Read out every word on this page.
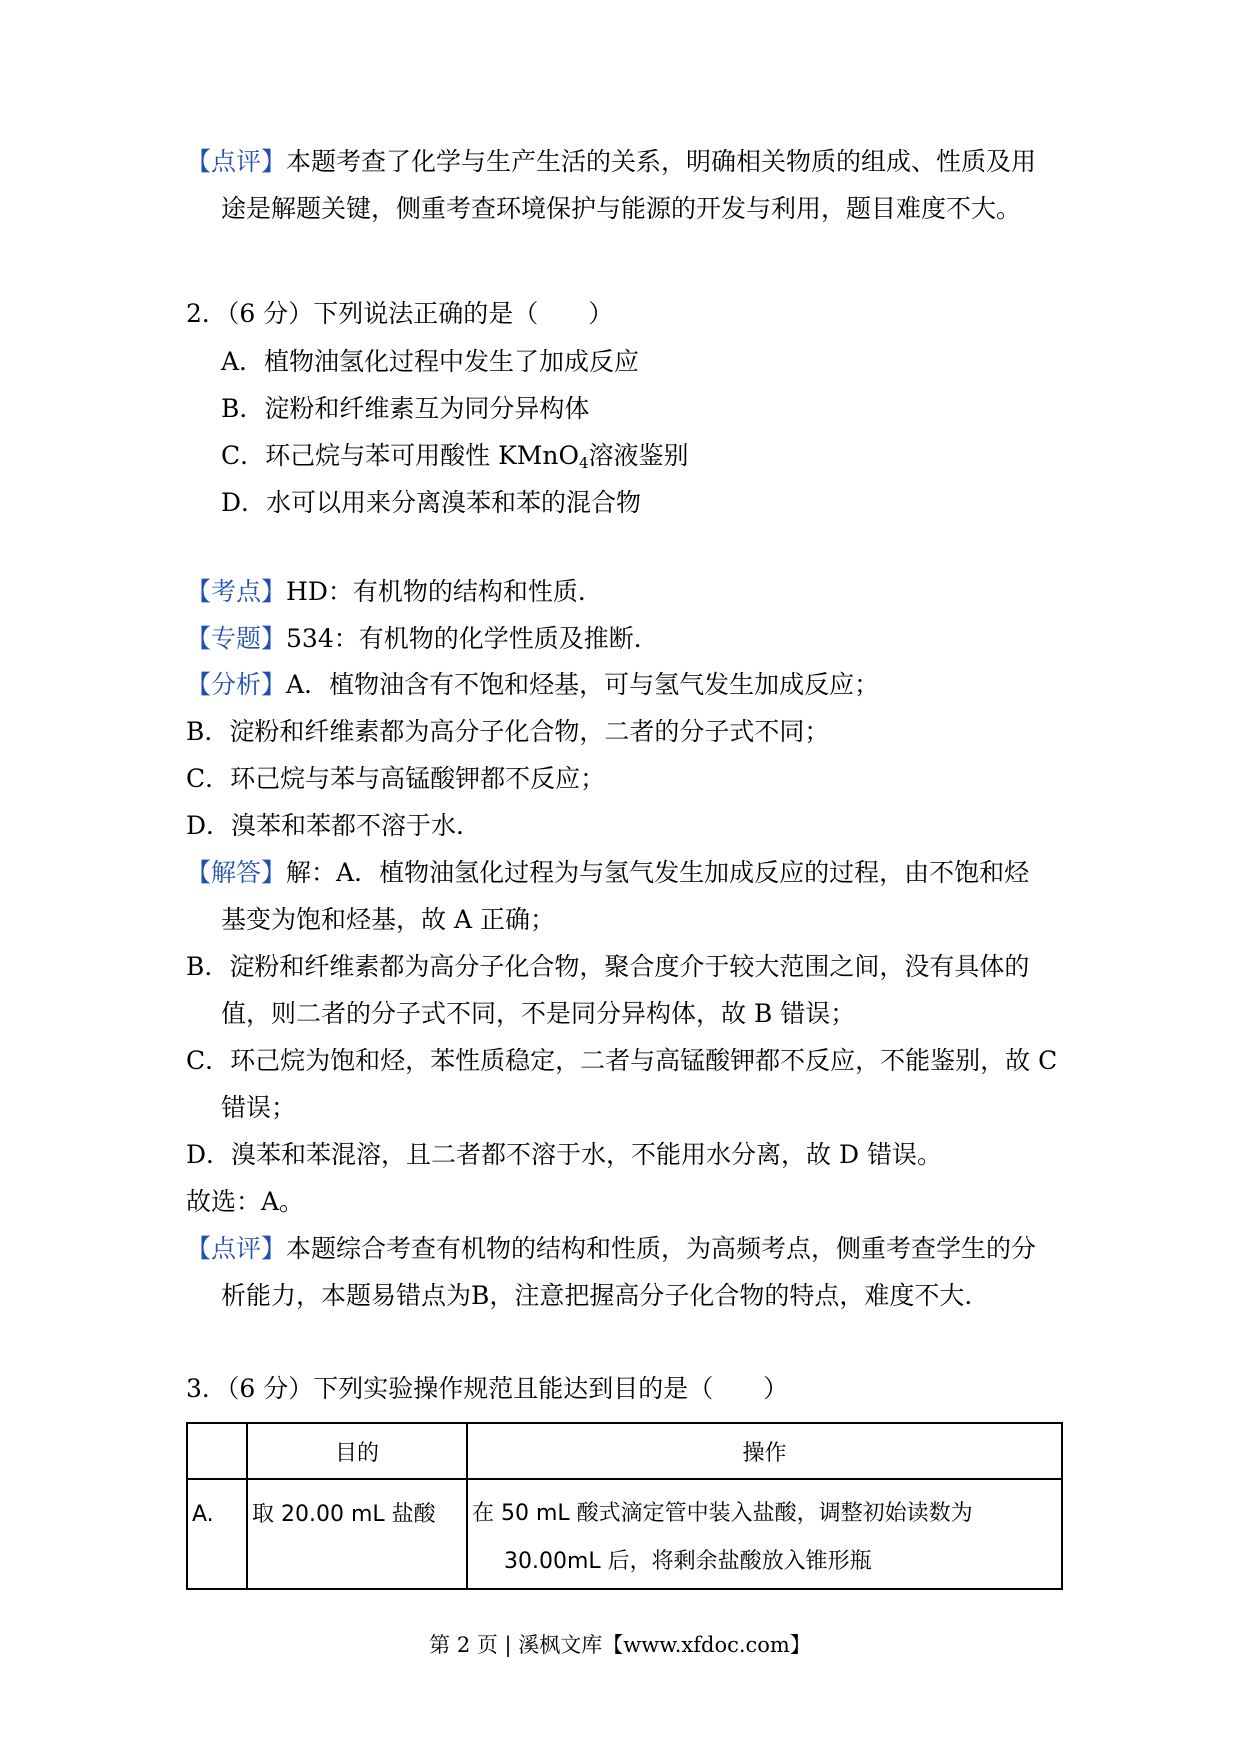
【点评】本题考查了化学与生产生活的关系，明确相关物质的组成、性质及用
途是解题关键，侧重考查环境保护与能源的开发与利用，题目难度不大。
2．（6 分）下列说法正确的是（　　）
A．植物油氢化过程中发生了加成反应
B．淀粉和纤维素互为同分异构体
C．环己烷与苯可用酸性 KMnO$_4$溶液鉴别
D．水可以用来分离溴苯和苯的混合物
【考点】HD：有机物的结构和性质．
【专题】534：有机物的化学性质及推断．
【分析】A．植物油含有不饱和烃基，可与氢气发生加成反应；
B．淀粉和纤维素都为高分子化合物，二者的分子式不同；
C．环己烷与苯与高锰酸钾都不反应；
D．溴苯和苯都不溶于水．
【解答】解：A．植物油氢化过程为与氢气发生加成反应的过程，由不饱和烃
基变为饱和烃基，故 A 正确；
B．淀粉和纤维素都为高分子化合物，聚合度介于较大范围之间，没有具体的
值，则二者的分子式不同，不是同分异构体，故 B 错误；
C．环己烷为饱和烃，苯性质稳定，二者与高锰酸钾都不反应，不能鉴别，故 C
错误；
D．溴苯和苯混溶，且二者都不溶于水，不能用水分离，故 D 错误。
故选：A。
【点评】本题综合考查有机物的结构和性质，为高频考点，侧重考查学生的分
析能力，本题易错点为B，注意把握高分子化合物的特点，难度不大．
3．（6 分）下列实验操作规范且能达到目的是（　　）
	目的	操作

A.	取 20.00 mL 盐酸	在 50 mL 酸式滴定管中装入盐酸，调整初始读数为
30.00mL 后，将剩余盐酸放入锥形瓶
第 2 页 | 溪枫文库【www.xfdoc.com】
